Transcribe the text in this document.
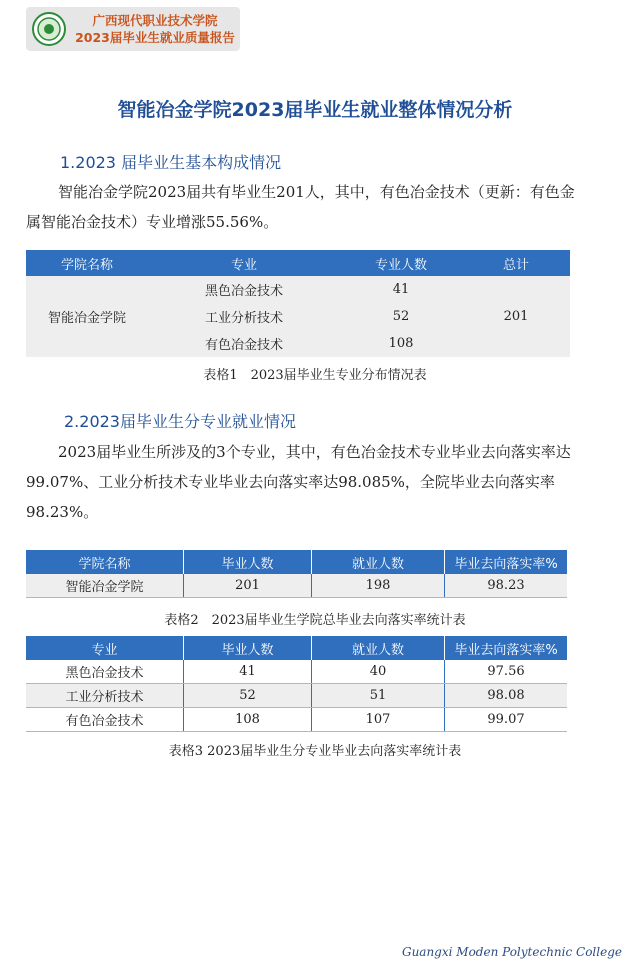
广西现代职业技术学院
2023届毕业生就业质量报告
智能冶金学院2023届毕业生就业整体情况分析
1.2023 届毕业生基本构成情况
智能冶金学院2023届共有毕业生201人，其中，有色冶金技术（更新：有色金属智能冶金技术）专业增涨55.56%。
学院名称	专业	专业人数	总计
智能冶金学院	黑色冶金技术	41	201
	工业分析技术	52	
	有色冶金技术	108	
表格1　2023届毕业生专业分布情况表
2.2023届毕业生分专业就业情况
2023届毕业生所涉及的3个专业，其中，有色冶金技术专业毕业去向落实率达99.07%、工业分析技术专业毕业去向落实率达98.085%，全院毕业去向落实率98.23%。
学院名称	毕业人数	就业人数	毕业去向落实率%
智能冶金学院	201	198	98.23
表格2　2023届毕业生学院总毕业去向落实率统计表
专业	毕业人数	就业人数	毕业去向落实率%
黑色冶金技术	41	40	97.56
工业分析技术	52	51	98.08
有色冶金技术	108	107	99.07
表格3 2023届毕业生分专业毕业去向落实率统计表
Guangxi Moden Polytechnic College
